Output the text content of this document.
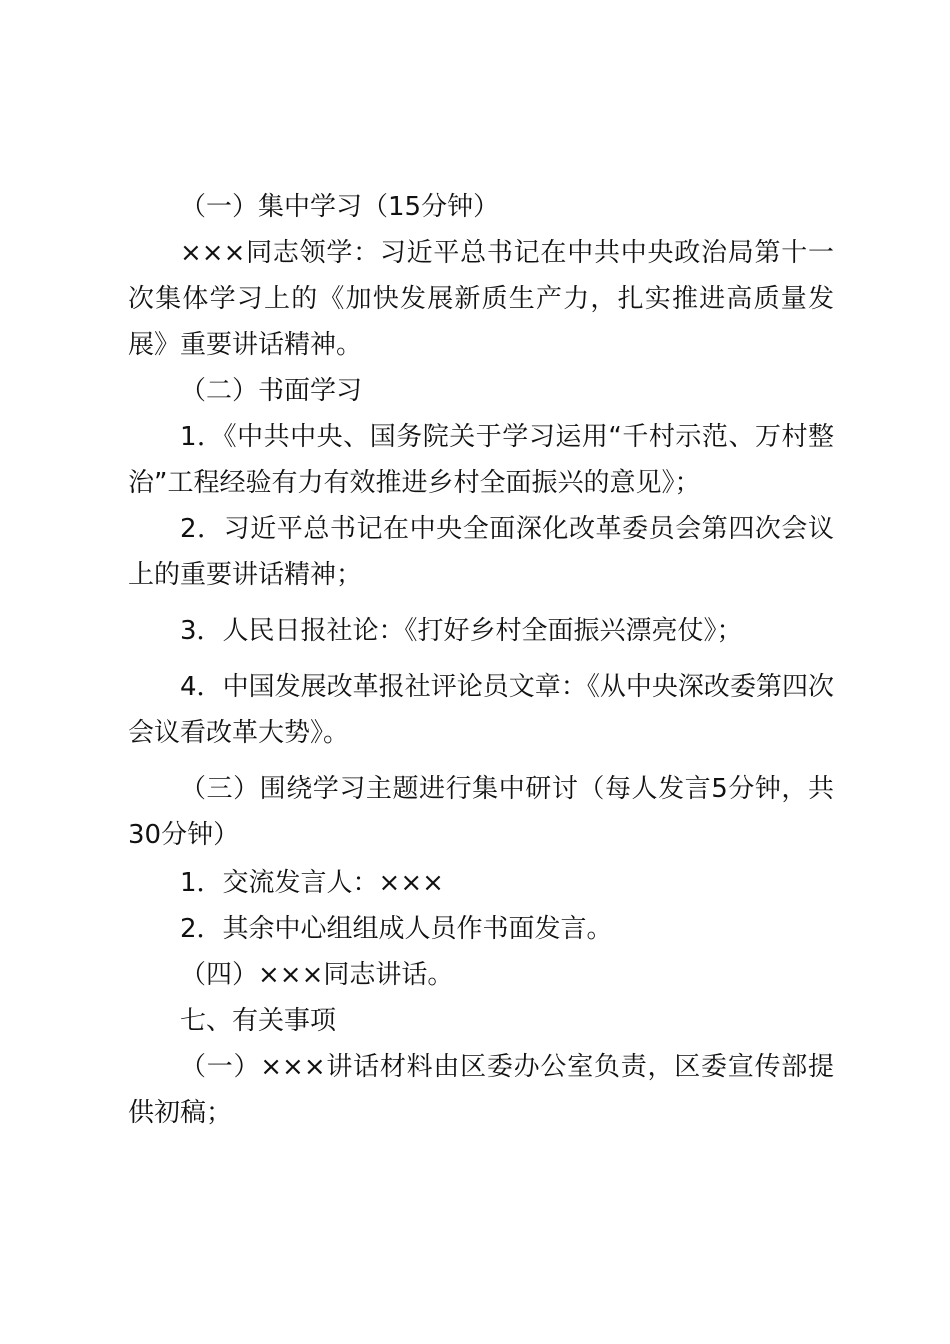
（一）集中学习（15分钟）

×××同志领学：习近平总书记在中共中央政治局第十一次集体学习上的《加快发展新质生产力，扎实推进高质量发展》重要讲话精神。

（二）书面学习

1．《中共中央、国务院关于学习运用“千村示范、万村整治”工程经验有力有效推进乡村全面振兴的意见》；

2．习近平总书记在中央全面深化改革委员会第四次会议上的重要讲话精神；

3．人民日报社论：《打好乡村全面振兴漂亮仗》；

4．中国发展改革报社评论员文章：《从中央深改委第四次会议看改革大势》。

（三）围绕学习主题进行集中研讨（每人发言5分钟，共30分钟）

1．交流发言人：×××

2．其余中心组组成人员作书面发言。

（四）×××同志讲话。

七、有关事项

（一）×××讲话材料由区委办公室负责，区委宣传部提供初稿；
